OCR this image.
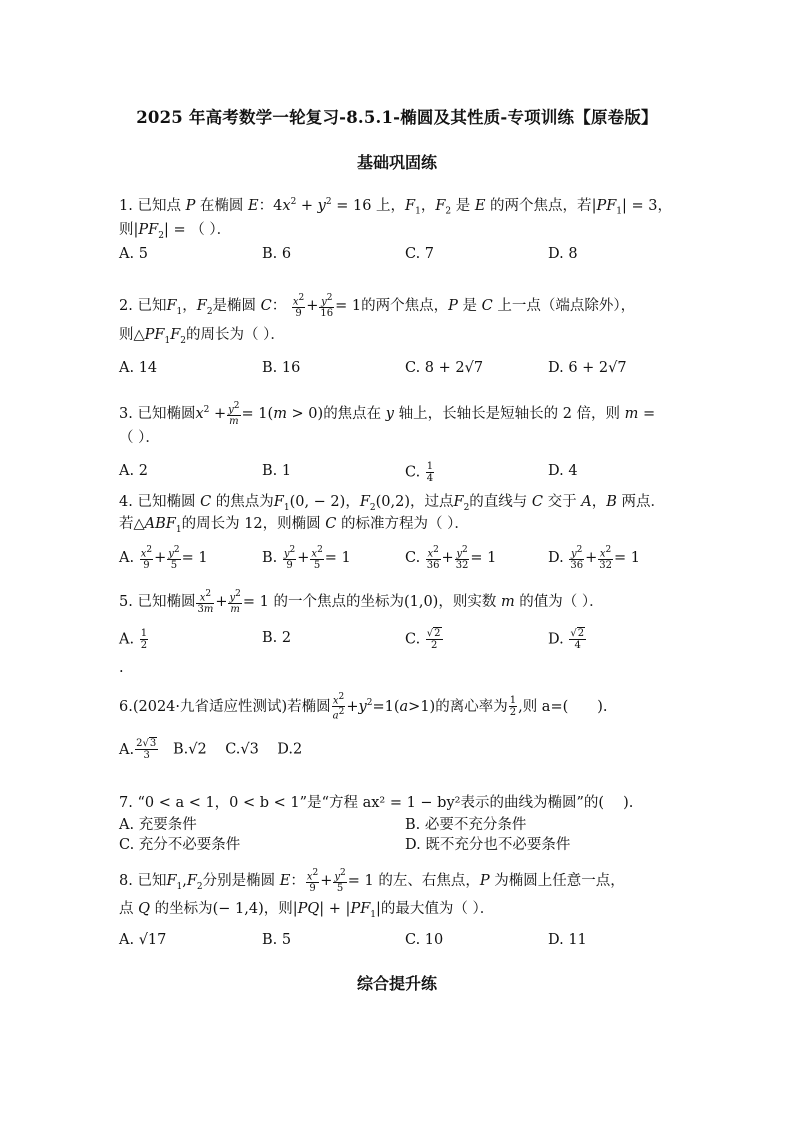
2025 年高考数学一轮复习-8.5.1-椭圆及其性质-专项训练【原卷版】
基础巩固练
1. 已知点 P 在椭圆 E：$4x^2 + y^2 = 16$ 上，$F_1$，$F_2$ 是 E 的两个焦点，若$|PF_1| = 3$，
则$|PF_2|$ = （ ）．
A. 5	B. 6	C. 7	D. 8
2. 已知$F_1$，$F_2$是椭圆 C： $\frac{x^2}{9} + \frac{y^2}{16} = 1$的两个焦点，P 是 C 上一点（端点除外），
则$\triangle PF_1F_2$的周长为（ ）．
A. 14	B. 16	C. 8 + 2√7	D. 6 + 2√7
3. 已知椭圆$x^2 + \frac{y^2}{m} = 1(m > 0)$的焦点在 y 轴上，长轴长是短轴长的 2 倍，则 m =
（ ）．
A. 2	B. 1	C. $\frac{1}{4}$	D. 4
4. 已知椭圆 C 的焦点为$F_1(0$, − 2)，$F_2(0,2)$，过点$F_2$的直线与 C 交于 A，B 两点．
若$\triangle ABF_1$的周长为 12，则椭圆 C 的标准方程为（ ）．
A. $\frac{x^2}{9} + \frac{y^2}{5} = 1$	B. $\frac{y^2}{9} + \frac{x^2}{5} = 1$	C. $\frac{x^2}{36} + \frac{y^2}{32} = 1$	D. $\frac{y^2}{36} + \frac{x^2}{32} = 1$
5. 已知椭圆 $\frac{x^2}{3m} + \frac{y^2}{m} = 1$ 的一个焦点的坐标为(1,0)，则实数 m 的值为（ ）．
A. $\frac{1}{2}$	B. 2	C. $\frac{√2}{2}$	D. $\frac{√2}{4}$
.
6.(2024·九省适应性测试)若椭圆 $\frac{x^2}{a^2} +y^2=1(a>1)$的离心率为 $\frac{1}{2}$ ,则 a=(　　).
A. $\frac{2√3}{3} B.√2$ C.√3 D.2
7. “0 < a < 1，0 < b < 1”是“方程 ax² = 1 − by²表示的曲线为椭圆”的(　 ).
A. 充要条件	B. 必要不充分条件
C. 充分不必要条件	D. 既不充分也不必要条件
8. 已知$F_1,F_2$分别是椭圆 E： $\frac{x^2}{9} + \frac{y^2}{5} = 1$ 的左、右焦点，P 为椭圆上任意一点，
点 Q 的坐标为(− 1,4)，则$|PQ| + |PF_1|$的最大值为（ ）．
A. √17	B. 5	C. 10	D. 11
综合提升练
